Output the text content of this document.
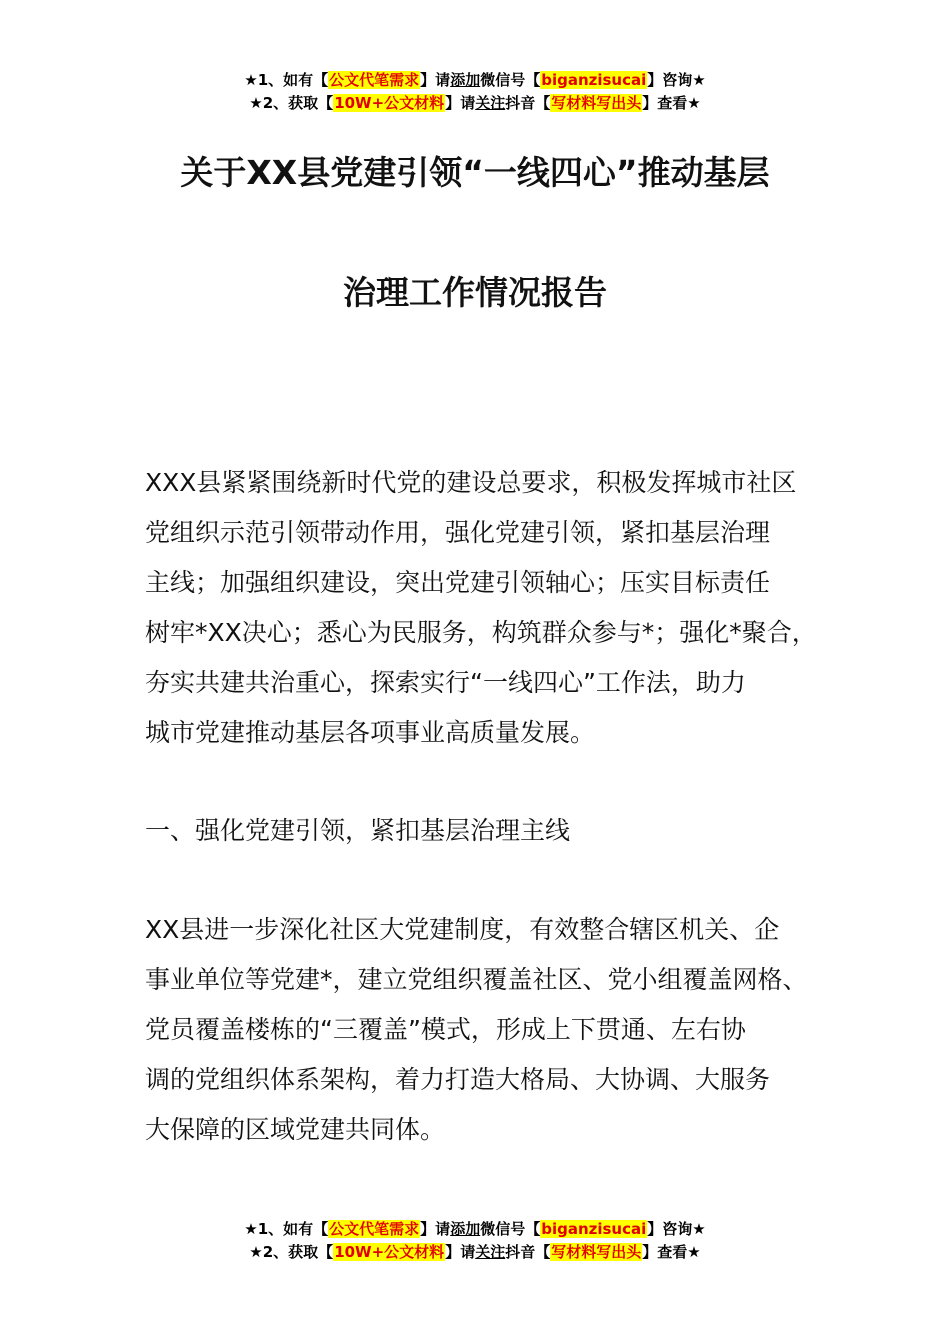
★1、如有【公文代笔需求】请添加微信号【biganzisucai】咨询★
★2、获取【10W+公文材料】请关注抖音【写材料写出头】查看★
关于XX县党建引领“一线四心”推动基层
治理工作情况报告
XXX县紧紧围绕新时代党的建设总要求，积极发挥城市社区
党组织示范引领带动作用，强化党建引领，紧扣基层治理
主线；加强组织建设，突出党建引领轴心；压实目标责任
树牢*XX决心；悉心为民服务，构筑群众参与*；强化*聚合，
夯实共建共治重心，探索实行“一线四心”工作法，助力
城市党建推动基层各项事业高质量发展。
一、强化党建引领，紧扣基层治理主线
XX县进一步深化社区大党建制度，有效整合辖区机关、企
事业单位等党建*，建立党组织覆盖社区、党小组覆盖网格、
党员覆盖楼栋的“三覆盖”模式，形成上下贯通、左右协
调的党组织体系架构，着力打造大格局、大协调、大服务
大保障的区域党建共同体。
★1、如有【公文代笔需求】请添加微信号【biganzisucai】咨询★
★2、获取【10W+公文材料】请关注抖音【写材料写出头】查看★
